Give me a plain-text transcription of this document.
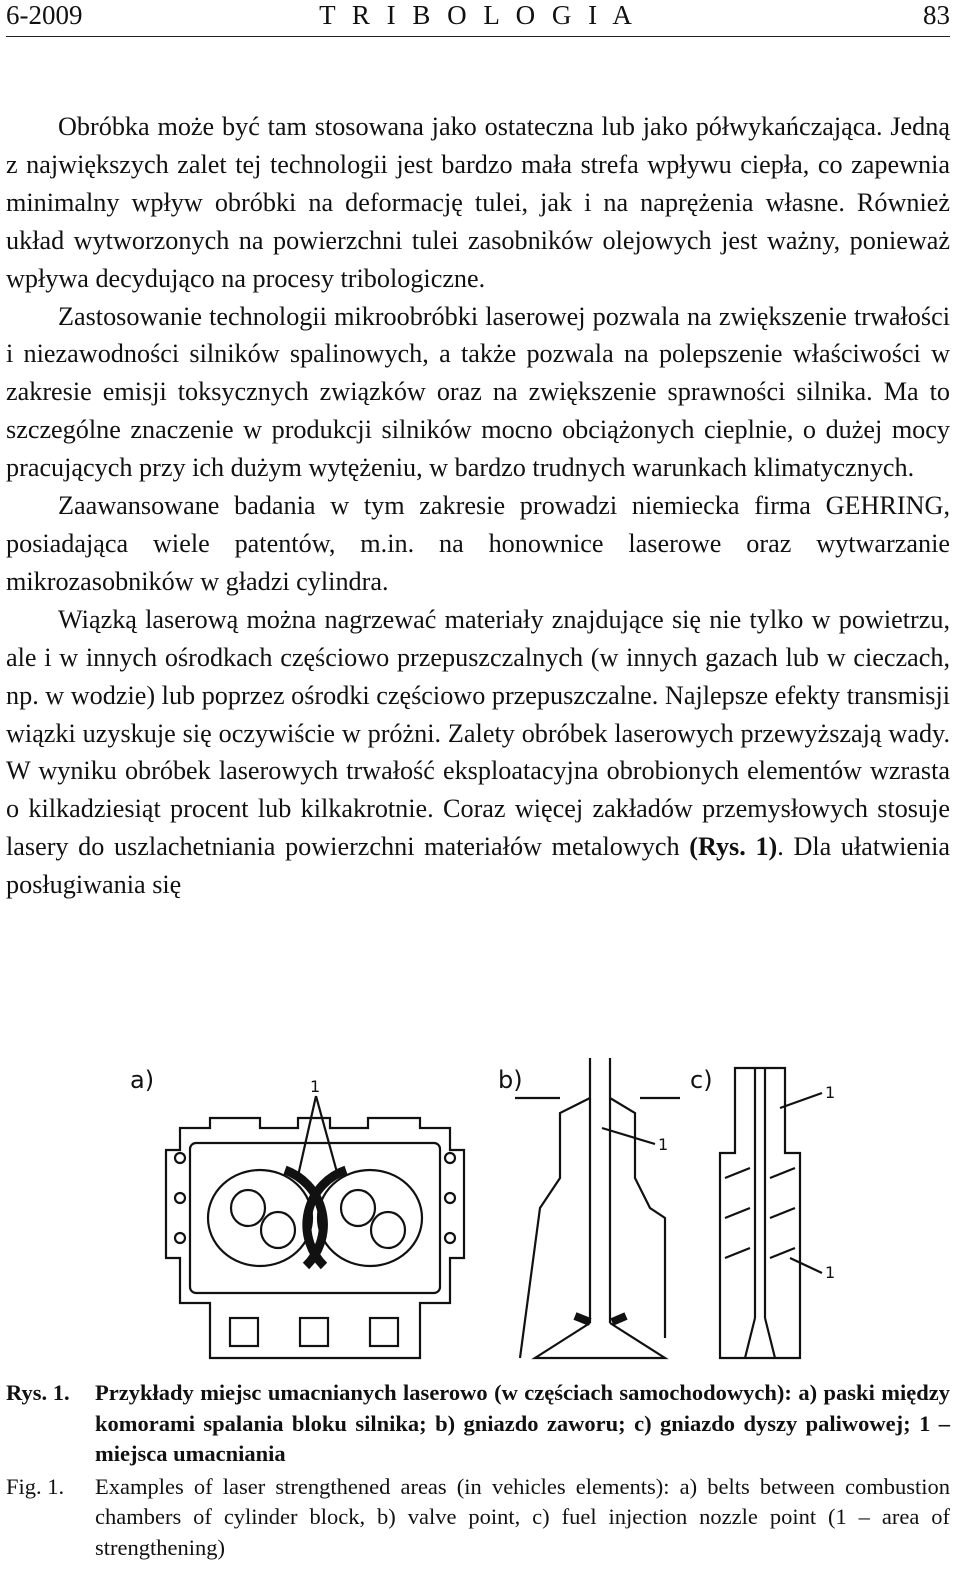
6-2009	T R I B O L O G I A	83

Obróbka może być tam stosowana jako ostateczna lub jako półwykańczająca. Jedną z największych zalet tej technologii jest bardzo mała strefa wpływu ciepła, co zapewnia minimalny wpływ obróbki na deformację tulei, jak i na naprężenia własne. Również układ wytworzonych na powierzchni tulei zasobników olejowych jest ważny, ponieważ wpływa decydująco na procesy tribologiczne.

Zastosowanie technologii mikroobróbki laserowej pozwala na zwiększenie trwałości i niezawodności silników spalinowych, a także pozwala na polepszenie właściwości w zakresie emisji toksycznych związków oraz na zwiększenie sprawności silnika. Ma to szczególne znaczenie w produkcji silników mocno obciążonych cieplnie, o dużej mocy pracujących przy ich dużym wytężeniu, w bardzo trudnych warunkach klimatycznych.

Zaawansowane badania w tym zakresie prowadzi niemiecka firma GEHRING, posiadająca wiele patentów, m.in. na honownice laserowe oraz wytwarzanie mikrozasobników w gładzi cylindra.

Wiązką laserową można nagrzewać materiały znajdujące się nie tylko w powietrzu, ale i w innych ośrodkach częściowo przepuszczalnych (w innych gazach lub w cieczach, np. w wodzie) lub poprzez ośrodki częściowo przepuszczalne. Najlepsze efekty transmisji wiązki uzyskuje się oczywiście w próżni. Zalety obróbek laserowych przewyższają wady. W wyniku obróbek laserowych trwałość eksploatacyjna obrobionych elementów wzrasta o kilkadziesiąt procent lub kilkakrotnie. Coraz więcej zakładów przemysłowych stosuje lasery do uszlachetniania powierzchni materiałów metalowych (Rys. 1). Dla ułatwienia posługiwania się

a)	1	b)
1
c)	1
1
Rys. 1.	Przykłady miejsc umacnianych laserowo (w częściach samochodowych): a) paski między komorami spalania bloku silnika; b) gniazdo zaworu; c) gniazdo dyszy paliwowej; 1 – miejsca umacniania
Fig. 1.	Examples of laser strengthened areas (in vehicles elements): a) belts between combustion chambers of cylinder block, b) valve point, c) fuel injection nozzle point (1 – area of strengthening)
